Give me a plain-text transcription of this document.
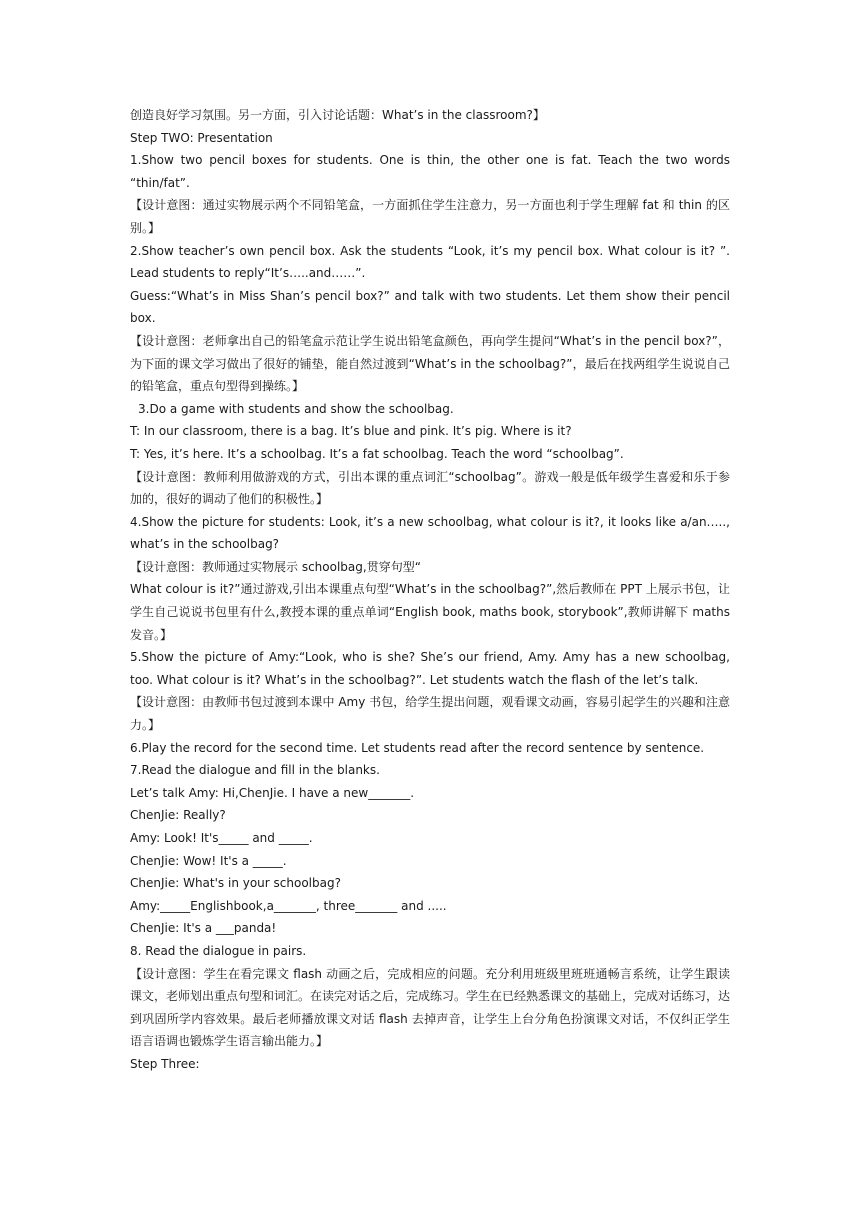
创造良好学习氛围。另一方面，引入讨论话题：What’s in the classroom?】

Step TWO: Presentation

1.Show two pencil boxes for students. One is thin, the other one is fat. Teach the two words “thin/fat”.

【设计意图：通过实物展示两个不同铅笔盒，一方面抓住学生注意力，另一方面也利于学生理解 fat 和 thin 的区别。】

2.Show teacher’s own pencil box. Ask the students “Look, it’s my pencil box. What colour is it? ”. Lead students to reply“It’s…..and……”.

Guess:“What’s in Miss Shan’s pencil box?” and talk with two students. Let them show their pencil box.

【设计意图：老师拿出自己的铅笔盒示范让学生说出铅笔盒颜色，再向学生提问“What’s in the pencil box?”，为下面的课文学习做出了很好的铺垫，能自然过渡到“What’s in the schoolbag?”，最后在找两组学生说说自己的铅笔盒，重点句型得到操练。】

3.Do a game with students and show the schoolbag.

T: In our classroom, there is a bag. It’s blue and pink. It’s pig. Where is it?

T: Yes, it’s here. It’s a schoolbag. It’s a fat schoolbag. Teach the word “schoolbag”.

【设计意图：教师利用做游戏的方式，引出本课的重点词汇“schoolbag”。游戏一般是低年级学生喜爱和乐于参加的，很好的调动了他们的积极性。】

4.Show the picture for students: Look, it’s a new schoolbag, what colour is it?, it looks like a/an….., what’s in the schoolbag?

【设计意图：教师通过实物展示 schoolbag,贯穿句型“

What colour is it?”通过游戏,引出本课重点句型“What’s in the schoolbag?”,然后教师在 PPT 上展示书包，让学生自己说说书包里有什么,教授本课的重点单词“English book, maths book, storybook”,教师讲解下 maths 发音。】

5.Show the picture of Amy:“Look, who is she? She’s our friend, Amy. Amy has a new schoolbag, too. What colour is it? What’s in the schoolbag?”. Let students watch the flash of the let’s talk.

【设计意图：由教师书包过渡到本课中 Amy 书包，给学生提出问题，观看课文动画，容易引起学生的兴趣和注意力。】

6.Play the record for the second time. Let students read after the record sentence by sentence.

7.Read the dialogue and fill in the blanks.

Let’s talk Amy: Hi,ChenJie. I have a new_______.

ChenJie: Really?

Amy: Look! It's_____ and _____.

ChenJie: Wow! It's a _____.

ChenJie: What's in your schoolbag?

Amy:_____Englishbook,a_______, three_______ and .....

ChenJie: It's a ___panda!

8. Read the dialogue in pairs.

【设计意图：学生在看完课文 flash 动画之后，完成相应的问题。充分利用班级里班班通畅言系统，让学生跟读课文，老师划出重点句型和词汇。在读完对话之后，完成练习。学生在已经熟悉课文的基础上，完成对话练习，达到巩固所学内容效果。最后老师播放课文对话 flash 去掉声音，让学生上台分角色扮演课文对话，不仅纠正学生语言语调也锻炼学生语言输出能力。】

Step Three:
